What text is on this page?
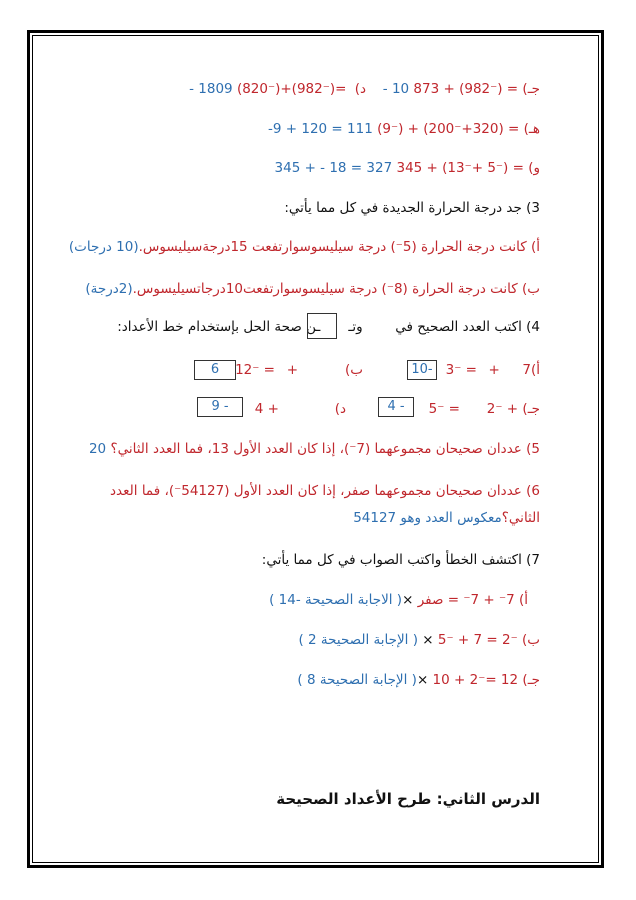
جـ) 873 + (982⁻) = - 10
د) (820⁻)+(982⁻)= - 1809
هـ) (9⁻) + (200⁻+320) = -9 + 120 = 111
و) 345 + (13⁻+ 5⁻) = 345 + - 18 = 327
3) جد درجة الحرارة الجديدة في كل مما يأتي:
أ) كانت درجة الحرارة (5⁻) درجة سيليسوسوارتفعت 15درجةسيليسوس.(10 درجات)
ب) كانت درجة الحرارة (8⁻) درجة سيليسوسوارتفعت10درجاتسيليسوس.(2درجة)
4) اكتب العدد الصحيح في  وتــن صحة الحل بإستخدام خط الأعداد:
أ)7  +
3⁻ =
10-
ب)
+
12⁻ =
6
جـ) 2⁻ +
5⁻ =
4 -
د)
4 +
9 -
5) عددان صحيحان مجموعهما (7⁻)، إذا كان العدد الأول 13، فما العدد الثاني؟ 20
6) عددان صحيحان مجموعهما صفر، إذا كان العدد الأول (54127⁻)، فما العدد
الثاني؟معكوس العدد وهو 54127
7) اكتشف الخطأ واكتب الصواب في كل مما يأتي:
أ) 7⁻ + 7⁻ = صفر ×( الاجابة الصحيحة -14 )
ب) 5⁻ + 7 = 2⁻ × ( الإجابة الصحيحة 2 )
جـ) 10 + 2⁻= 12 ×( الإجابة الصحيحة 8 )
الدرس الثاني: طرح الأعداد الصحيحة
